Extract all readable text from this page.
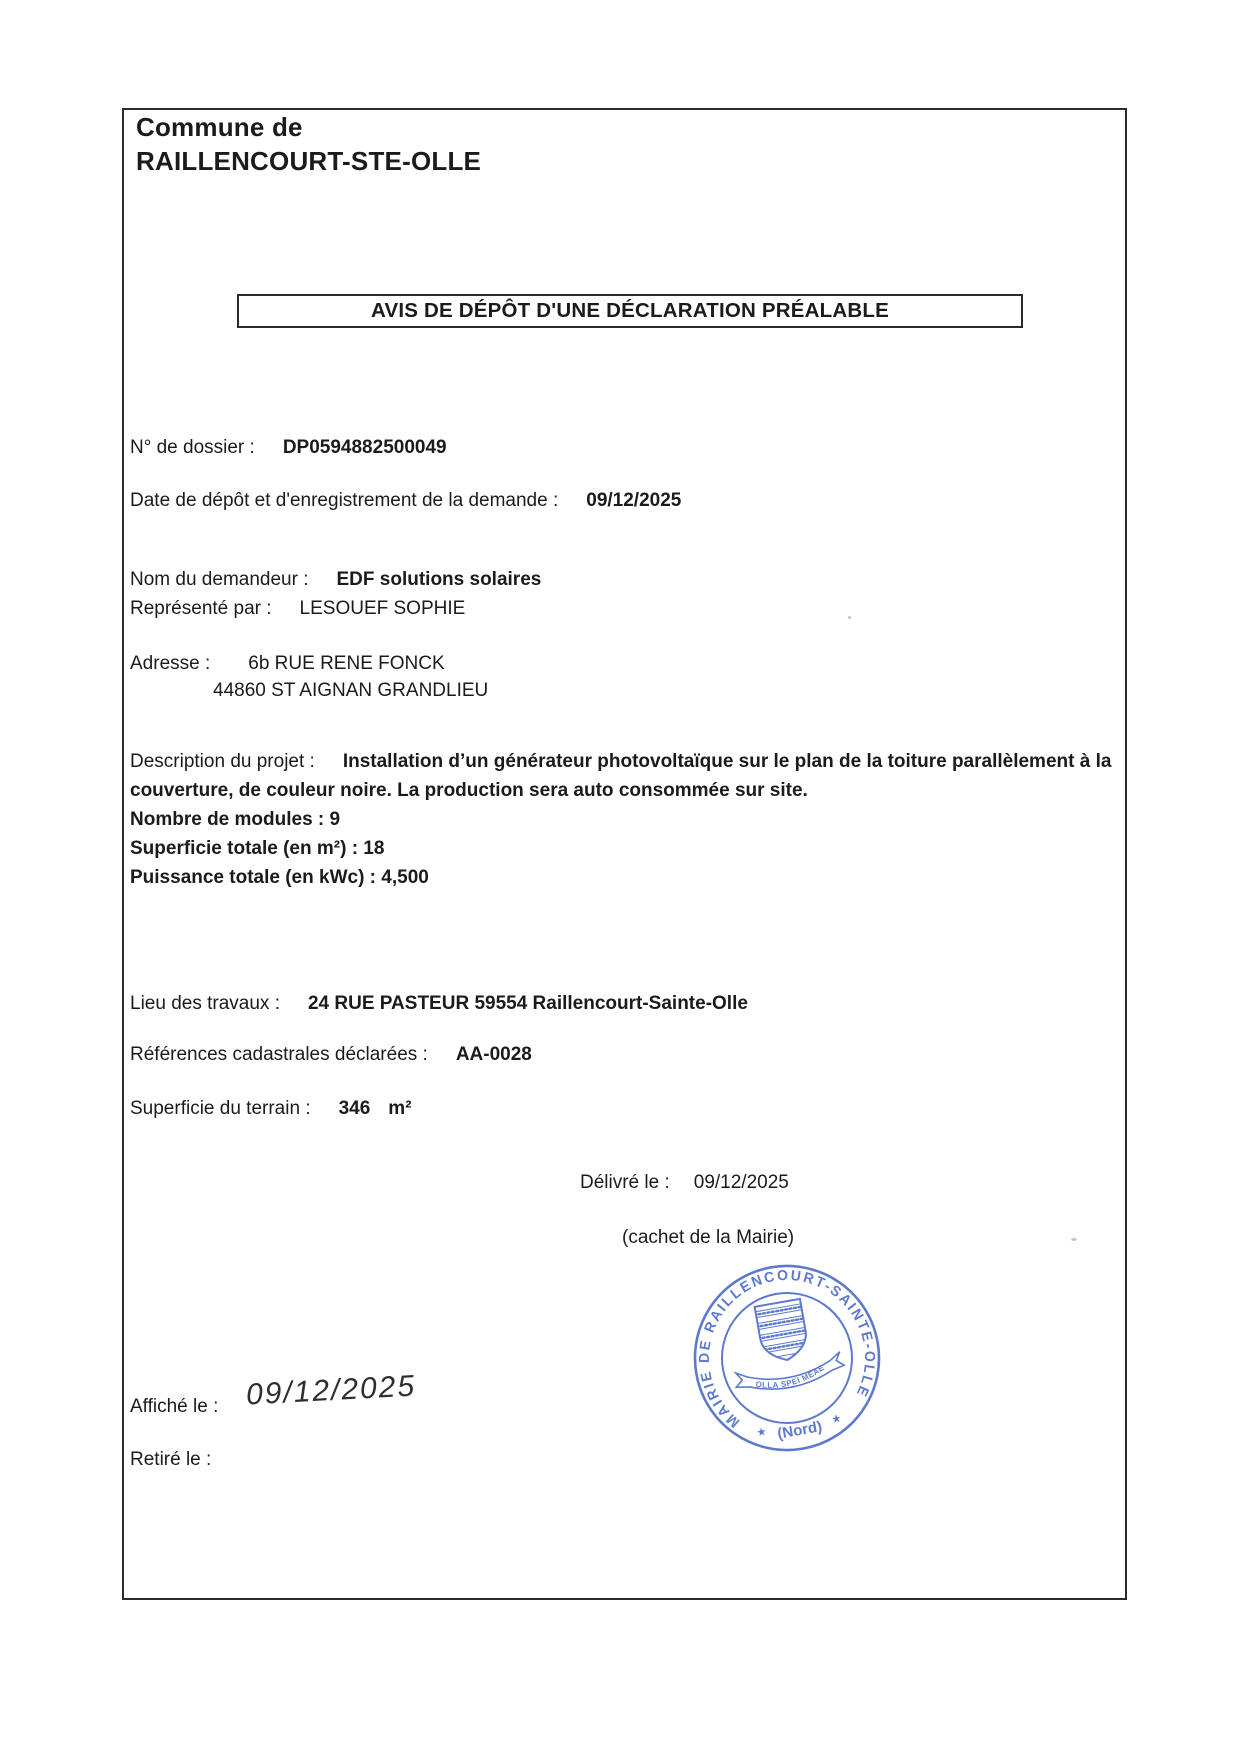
Commune de
RAILLENCOURT-STE-OLLE
AVIS DE DÉPÔT D'UNE DÉCLARATION PRÉALABLE
N° de dossier : DP0594882500049
Date de dépôt et d'enregistrement de la demande : 09/12/2025
Nom du demandeur : EDF solutions solaires
Représenté par : LESOUEF SOPHIE
Adresse : 6b RUE RENE FONCK
44860 ST AIGNAN GRANDLIEU
Description du projet : Installation d’un générateur photovoltaïque sur le plan de la toiture parallèlement à la couverture, de couleur noire. La production sera auto consommée sur site.
Nombre de modules : 9
Superficie totale (en m²) : 18
Puissance totale (en kWc) : 4,500
Lieu des travaux : 24 RUE PASTEUR 59554 Raillencourt-Sainte-Olle
Références cadastrales déclarées : AA-0028
Superficie du terrain : 346 m²
Délivré le : 09/12/2025
(cachet de la Mairie)
MAIRIE DE RAILLENCOURT-SAINTE-OLLE
(Nord)
★
★
OLLA SPEI MEAE
Affiché le : 09/12/2025
Retiré le :
